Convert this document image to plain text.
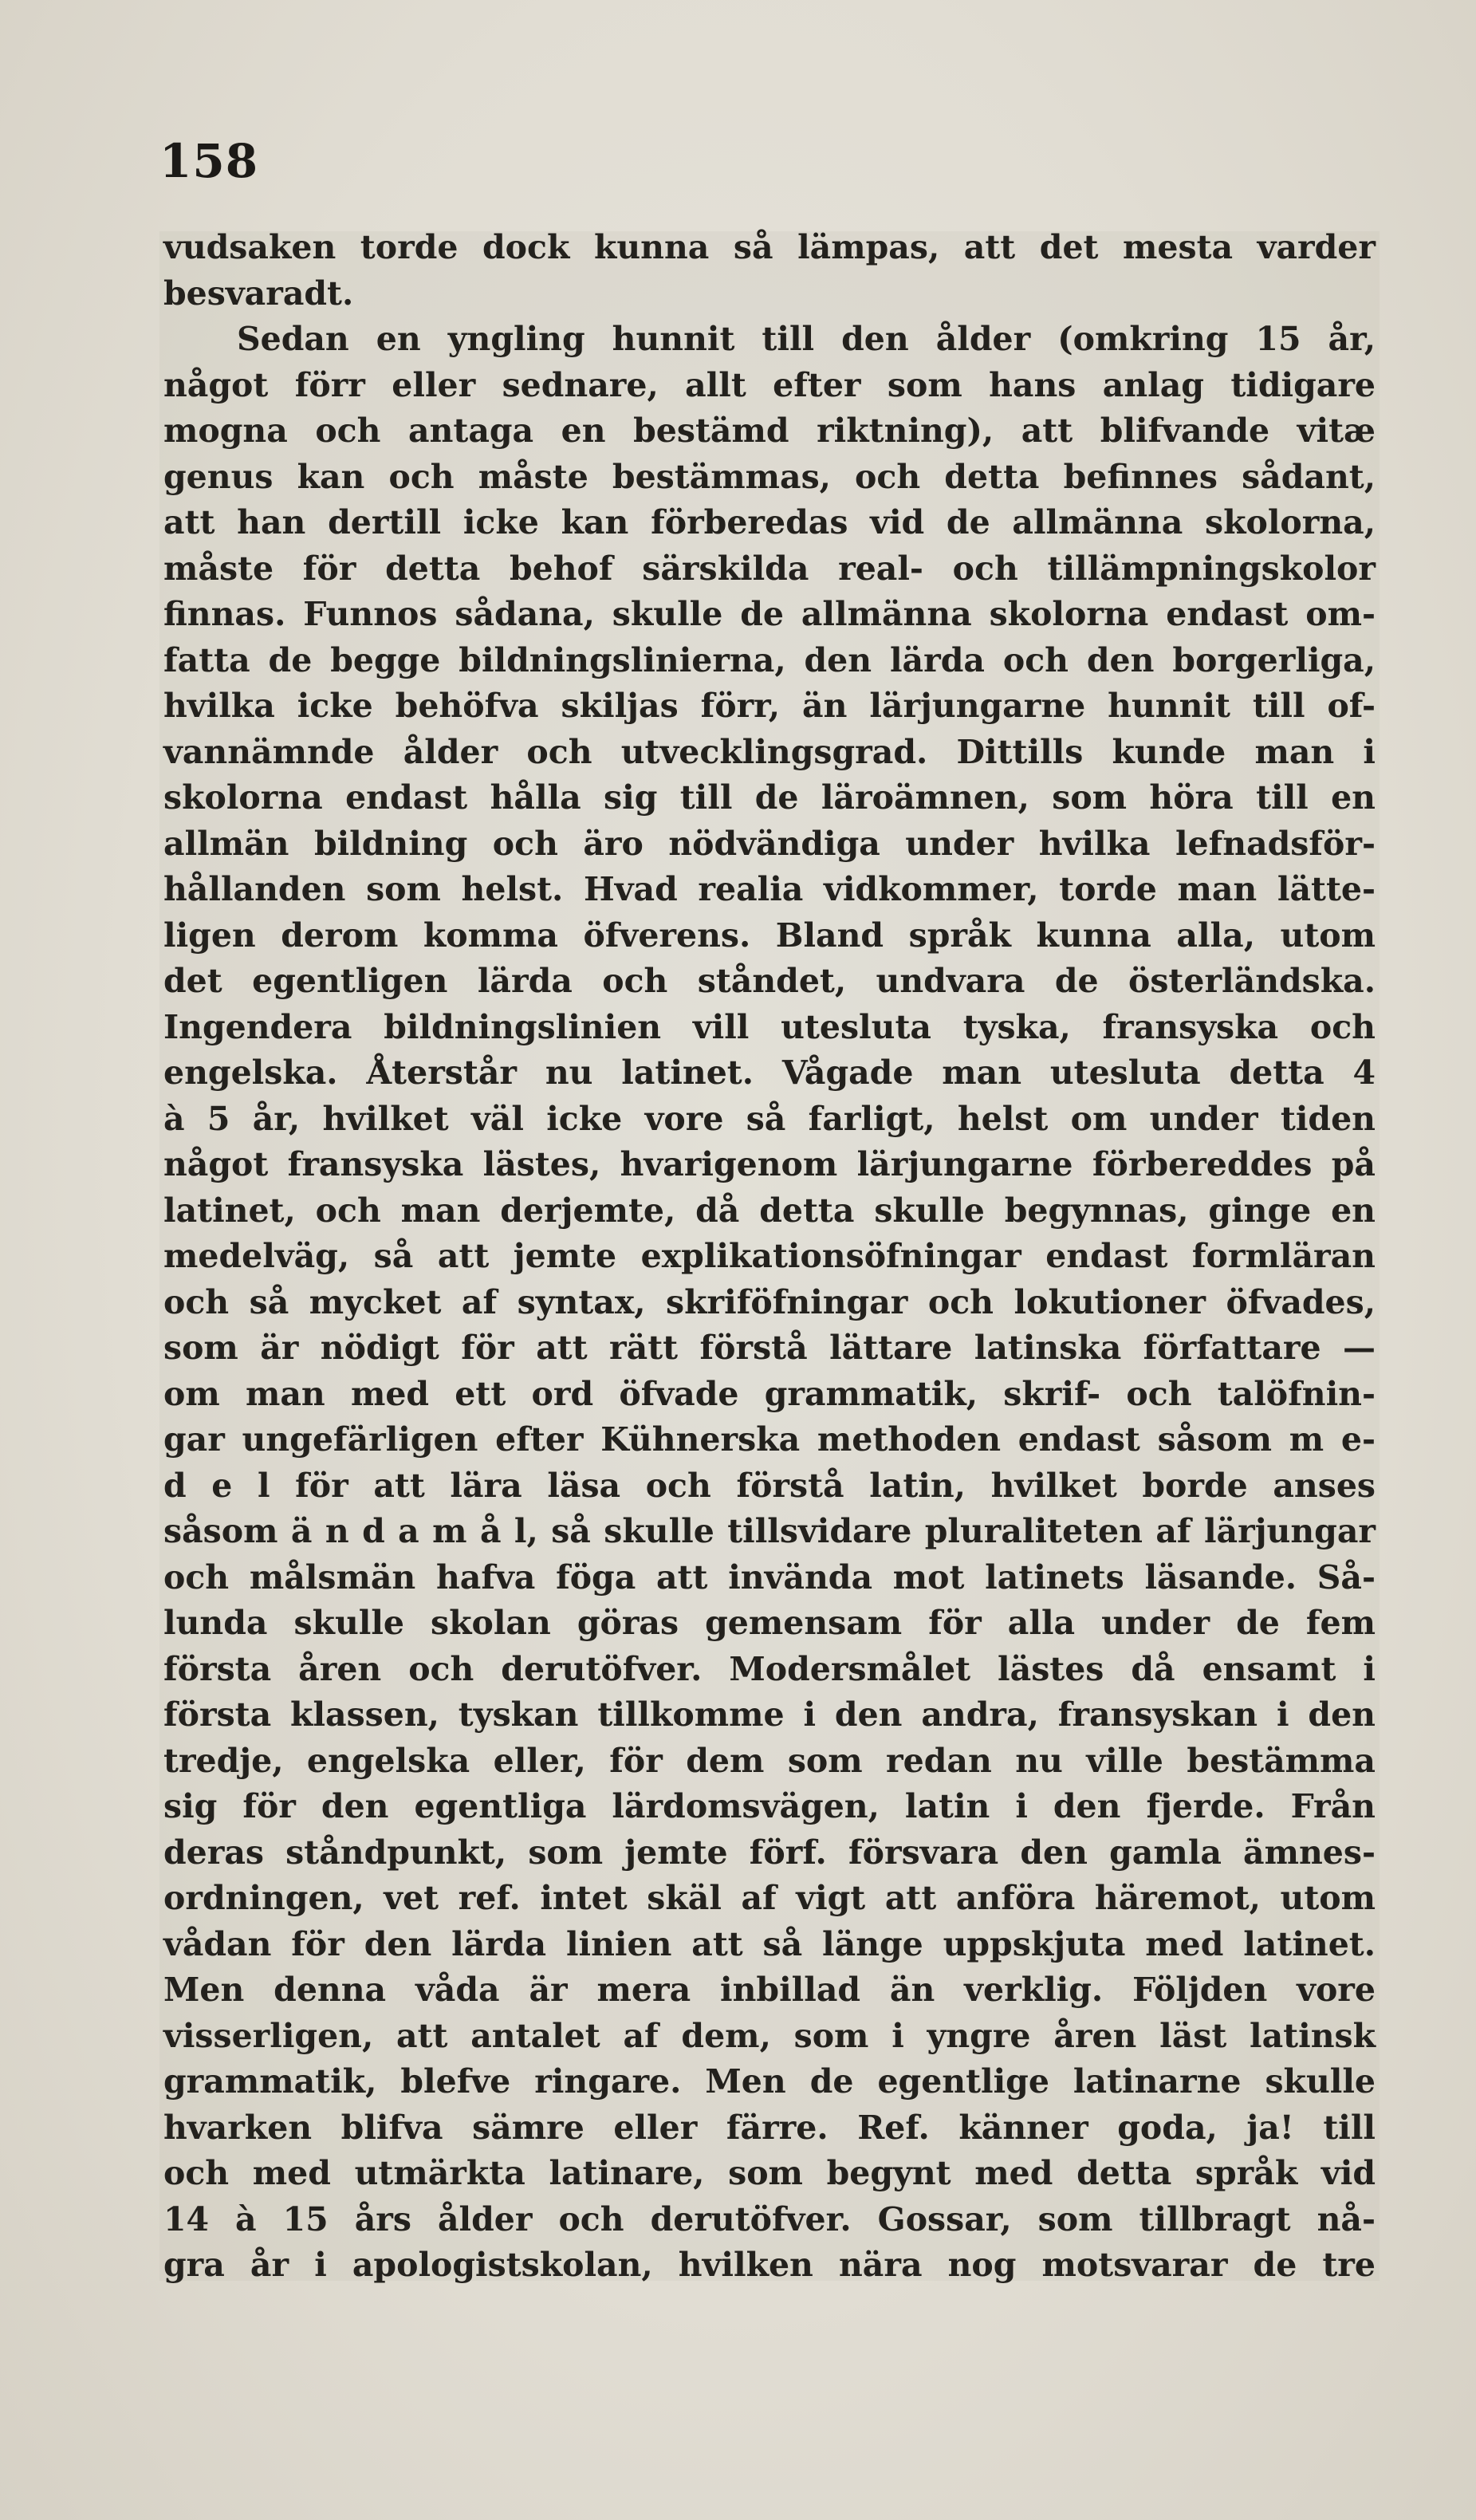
158
vudsaken torde dock kunna så lämpas, att det mesta varder
besvaradt.
Sedan en yngling hunnit till den ålder (omkring 15 år,
något förr eller sednare, allt efter som hans anlag tidigare
mogna och antaga en bestämd riktning), att blifvande vitæ
genus kan och måste bestämmas, och detta befinnes sådant,
att han dertill icke kan förberedas vid de allmänna skolorna,
måste för detta behof särskilda real- och tillämpningskolor
finnas. Funnos sådana, skulle de allmänna skolorna endast om-
fatta de begge bildningslinierna, den lärda och den borgerliga,
hvilka icke behöfva skiljas förr, än lärjungarne hunnit till of-
vannämnde ålder och utvecklingsgrad. Dittills kunde man i
skolorna endast hålla sig till de läroämnen, som höra till en
allmän bildning och äro nödvändiga under hvilka lefnadsför-
hållanden som helst. Hvad realia vidkommer, torde man lätte-
ligen derom komma öfverens. Bland språk kunna alla, utom
det egentligen lärda och ståndet, undvara de österländska.
Ingendera bildningslinien vill utesluta tyska, fransyska och
engelska. Återstår nu latinet. Vågade man utesluta detta 4
à 5 år, hvilket väl icke vore så farligt, helst om under tiden
något fransyska lästes, hvarigenom lärjungarne förbereddes på
latinet, och man derjemte, då detta skulle begynnas, ginge en
medelväg, så att jemte explikationsöfningar endast formläran
och så mycket af syntax, skriföfningar och lokutioner öfvades,
som är nödigt för att rätt förstå lättare latinska författare —
om man med ett ord öfvade grammatik, skrif- och talöfnin-
gar ungefärligen efter Kühnerska methoden endast såsom m e-
d e l för att lära läsa och förstå latin, hvilket borde anses
såsom ä n d a m å l, så skulle tillsvidare pluraliteten af lärjungar
och målsmän hafva föga att invända mot latinets läsande. Så-
lunda skulle skolan göras gemensam för alla under de fem
första åren och derutöfver. Modersmålet lästes då ensamt i
första klassen, tyskan tillkomme i den andra, fransyskan i den
tredje, engelska eller, för dem som redan nu ville bestämma
sig för den egentliga lärdomsvägen, latin i den fjerde. Från
deras ståndpunkt, som jemte förf. försvara den gamla ämnes-
ordningen, vet ref. intet skäl af vigt att anföra häremot, utom
vådan för den lärda linien att så länge uppskjuta med latinet.
Men denna våda är mera inbillad än verklig. Följden vore
visserligen, att antalet af dem, som i yngre åren läst latinsk
grammatik, blefve ringare. Men de egentlige latinarne skulle
hvarken blifva sämre eller färre. Ref. känner goda, ja! till
och med utmärkta latinare, som begynt med detta språk vid
14 à 15 års ålder och derutöfver. Gossar, som tillbragt nå-
gra år i apologistskolan, hvilken nära nog motsvarar de tre
